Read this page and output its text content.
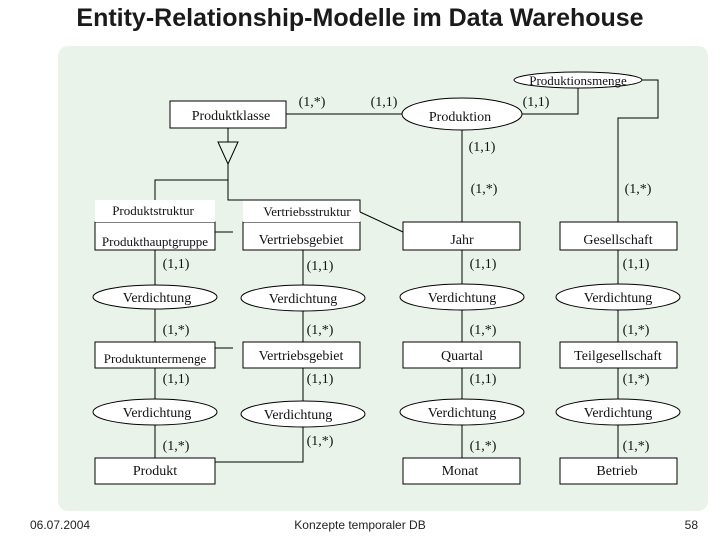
Entity-Relationship-Modelle im Data Warehouse
Produktklasse	Produktion
Produktionsmenge
Produktstruktur	Vertriebsstruktur
Produkthauptgruppe	Vertriebsgebiet	Jahr	Gesellschaft
Produktuntermenge	Vertriebsgebiet	Quartal	Teilgesellschaft
Produkt	Monat	Betrieb
Verdichtung
Verdichtung
Verdichtung
Verdichtung
Verdichtung
Verdichtung
Verdichtung
Verdichtung
(1,*)	(1,1)	(1,1)
(1,1)
(1,*)	(1,*)
(1,1)
(1,*)
(1,1)
(1,*)
(1,1)
(1,*)
(1,1)
(1,*)
(1,1)
(1,*)
(1,1)
(1,*)
(1,1)
(1,*)
(1,*)
(1,*)
06.07.2004	Konzepte temporaler DB	58
